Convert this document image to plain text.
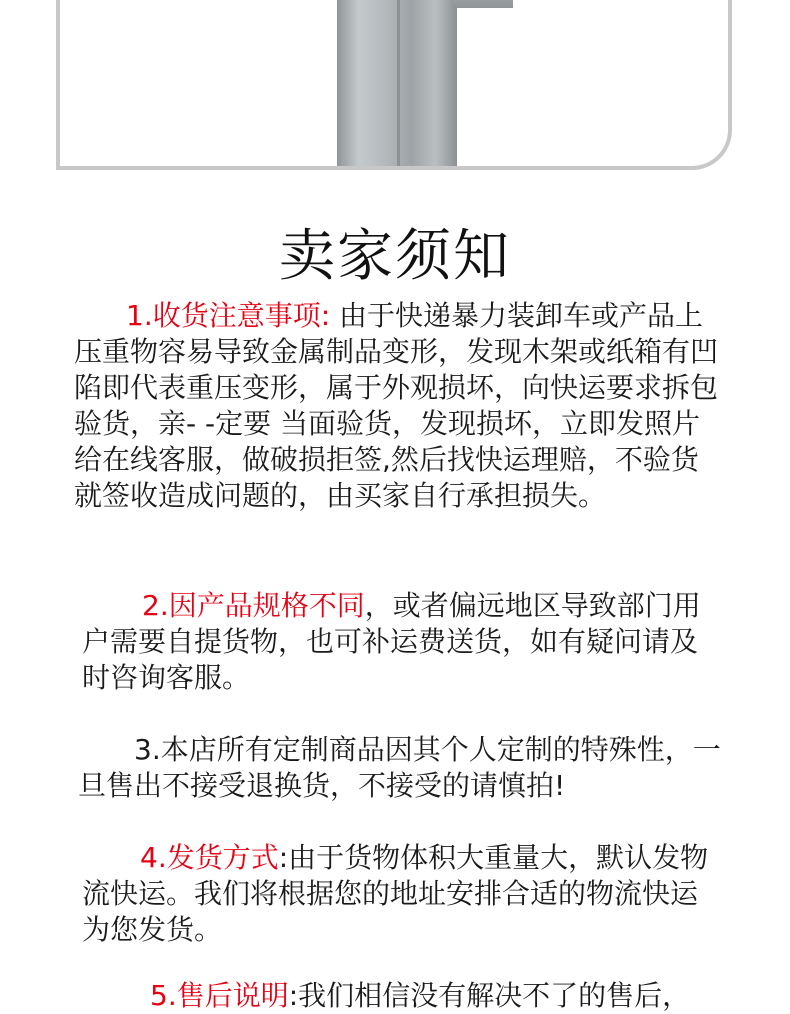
卖家须知

1.收货注意事项: 由于快递暴力装卸车或产品上压重物容易导致金属制品变形，发现木架或纸箱有凹陷即代表重压变形，属于外观损坏，向快运要求拆包验货，亲- -定要 当面验货，发现损坏，立即发照片给在线客服，做破损拒签,然后找快运理赔，不验货就签收造成问题的，由买家自行承担损失。

2.因产品规格不同，或者偏远地区导致部门用户需要自提货物，也可补运费送货，如有疑问请及时咨询客服。

3.本店所有定制商品因其个人定制的特殊性，一 旦售出不接受退换货，不接受的请慎拍!

4.发货方式:由于货物体积大重量大，默认发物流快运。我们将根据您的地址安排合适的物流快运为您发货。

5.售后说明:我们相信没有解决不了的售后，
